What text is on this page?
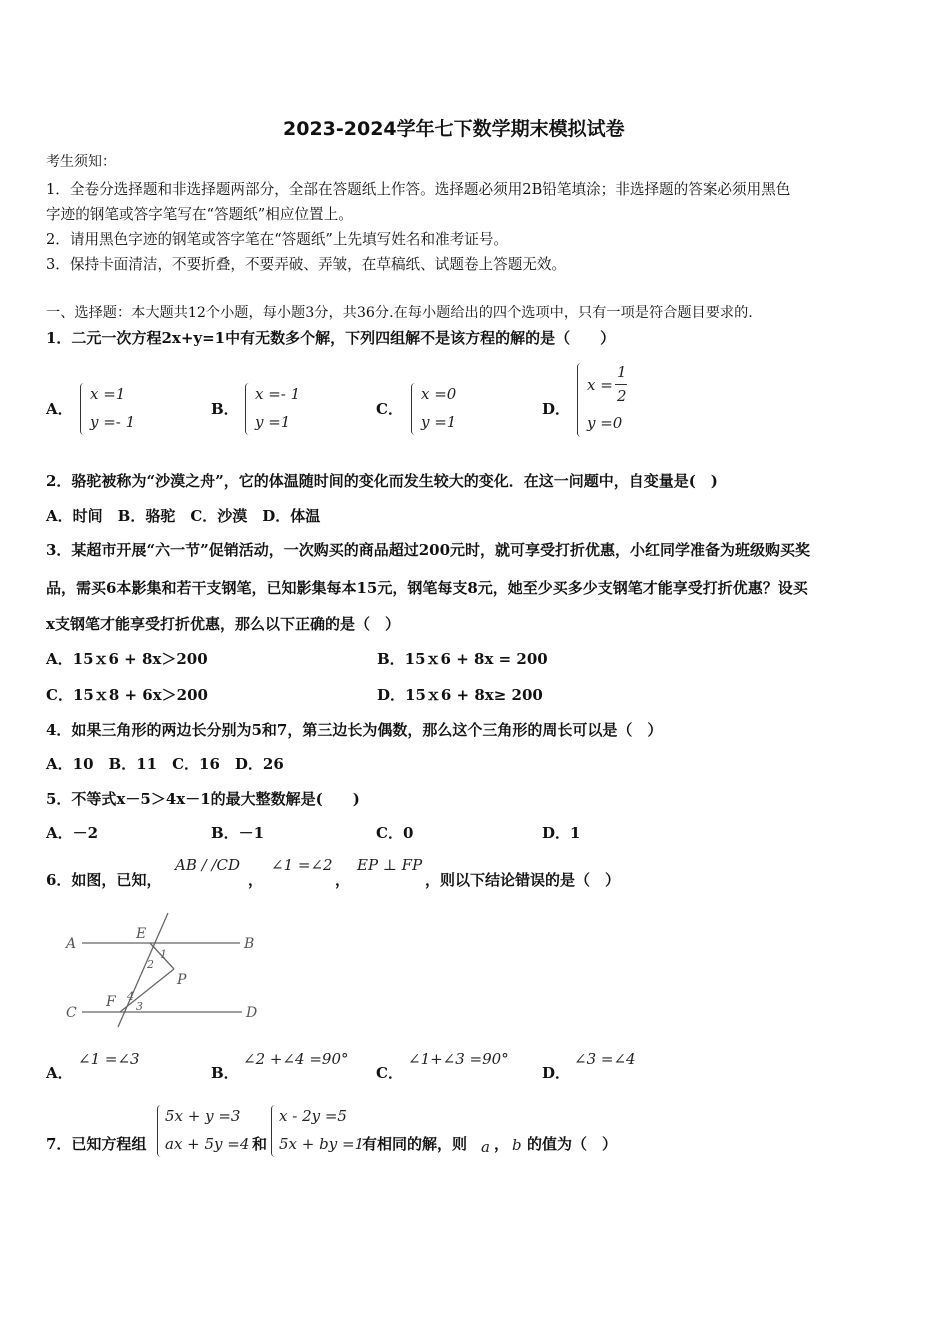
2023-2024学年七下数学期末模拟试卷
考生须知：
1．全卷分选择题和非选择题两部分，全部在答题纸上作答。选择题必须用2B铅笔填涂；非选择题的答案必须用黑色
字迹的钢笔或答字笔写在“答题纸”相应位置上。
2．请用黑色字迹的钢笔或答字笔在“答题纸”上先填写姓名和准考证号。
3．保持卡面清洁，不要折叠，不要弄破、弄皱，在草稿纸、试题卷上答题无效。
一、选择题：本大题共12个小题，每小题3分，共36分.在每小题给出的四个选项中，只有一项是符合题目要求的.
1．二元一次方程2x+y=1中有无数多个解，下列四组解不是该方程的解的是（　　）
A．
x =1
y =- 1
B．
x =- 1
y =1
C．
x =0
y =1
D．
x =
1
2
y =0
2．骆驼被称为“沙漠之舟”，它的体温随时间的变化而发生较大的变化．在这一问题中，自变量是(　)
A．时间　B．骆驼　C．沙漠　D．体温
3．某超市开展“六一节”促销活动，一次购买的商品超过200元时，就可享受打折优惠，小红同学准备为班级购买奖
品，需买6本影集和若干支钢笔，已知影集每本15元，钢笔每支8元，她至少买多少支钢笔才能享受打折优惠？设买
x支钢笔才能享受打折优惠，那么以下正确的是（　）
A．15ｘ6 + 8x＞200	B．15ｘ6 + 8x = 200
C．15ｘ8 + 6x＞200	D．15ｘ6 + 8x≥ 200
4．如果三角形的两边长分别为5和7，第三边长为偶数，那么这个三角形的周长可以是（　）
A．10　B．11　C．16　D．26
5．不等式x－5＞4x－1的最大整数解是(　　)
A．－2	B．－1	C．0	D．1
6．如图，已知，
AB / /CD
，
∠1 =∠2
，
EP ⊥ FP
，则以下结论错误的是（　）
A	B
C	D
E
F
P
1
2
3
4
A．
∠1 =∠3
B．
∠2 +∠4 =90°
C．
∠1+∠3 =90°
D．
∠3 =∠4
7．已知方程组
5x + y =3
ax + 5y =4 和
x - 2y =5
5x + by =1
有相同的解，则 a ， b 的值为（　）
